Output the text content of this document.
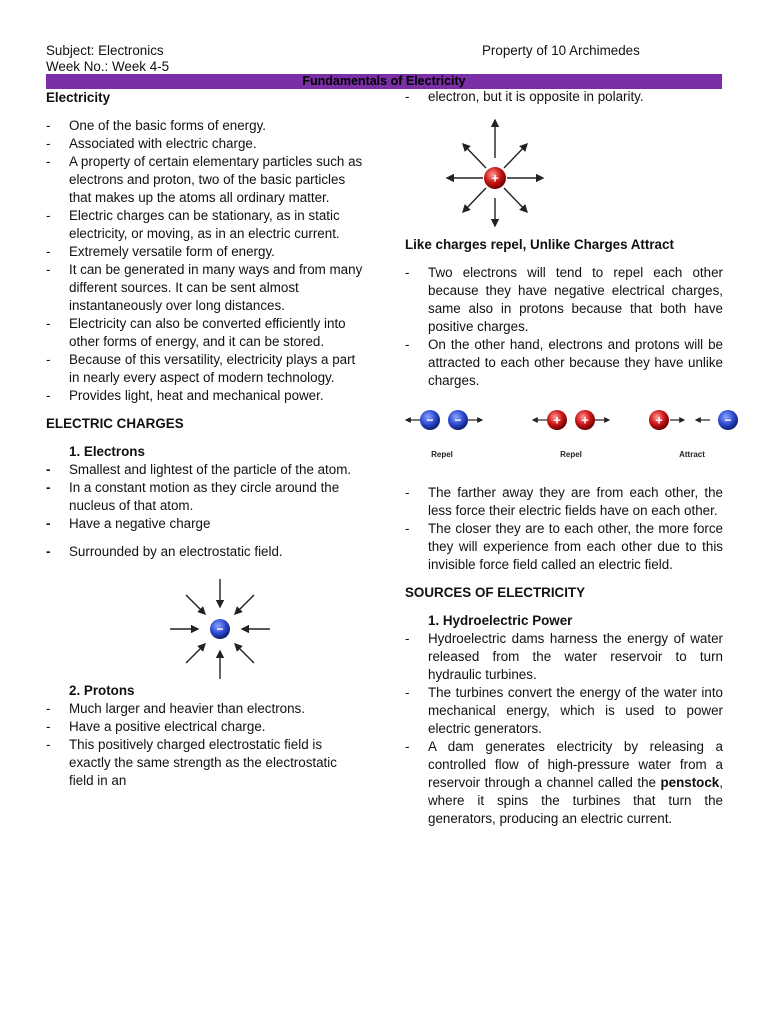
Subject: Electronics
Week No.: Week 4-5
Property of 10 Archimedes
Fundamentals of Electricity
Electricity
- One of the basic forms of energy.
- Associated with electric charge.
- A property of certain elementary particles such as electrons and proton, two of the basic particles that makes up the atoms all ordinary matter.
- Electric charges can be stationary, as in static electricity, or moving, as in an electric current.
- Extremely versatile form of energy.
- It can be generated in many ways and from many different sources. It can be sent almost instantaneously over long distances.
- Electricity can also be converted efficiently into other forms of energy, and it can be stored.
- Because of this versatility, electricity plays a part in nearly every aspect of modern technology.
- Provides light, heat and mechanical power.
ELECTRIC CHARGES
1. Electrons
- Smallest and lightest of the particle of the atom.
- In a constant motion as they circle around the nucleus of that atom.
- Have a negative charge
- Surrounded by an electrostatic field.
−
2. Protons
- Much larger and heavier than electrons.
- Have a positive electrical charge.
- This positively charged electrostatic field is exactly the same strength as the electrostatic field in an
- electron, but it is opposite in polarity.
+
Like charges repel, Unlike Charges Attract
- Two electrons will tend to repel each other because they have negative electrical charges, same also in protons because that both have positive charges.
- On the other hand, electrons and protons will be attracted to each other because they have unlike charges.
− −	+ +	+	−
Repel	Repel	Attract
- The farther away they are from each other, the less force their electric fields have on each other.
- The closer they are to each other, the more force they will experience from each other due to this invisible force field called an electric field.
SOURCES OF ELECTRICITY
1. Hydroelectric Power
- Hydroelectric dams harness the energy of water released from the water reservoir to turn hydraulic turbines.
- The turbines convert the energy of the water into mechanical energy, which is used to power electric generators.
- A dam generates electricity by releasing a controlled flow of high-pressure water from a reservoir through a channel called the penstock, where it spins the turbines that turn the generators, producing an electric current.
